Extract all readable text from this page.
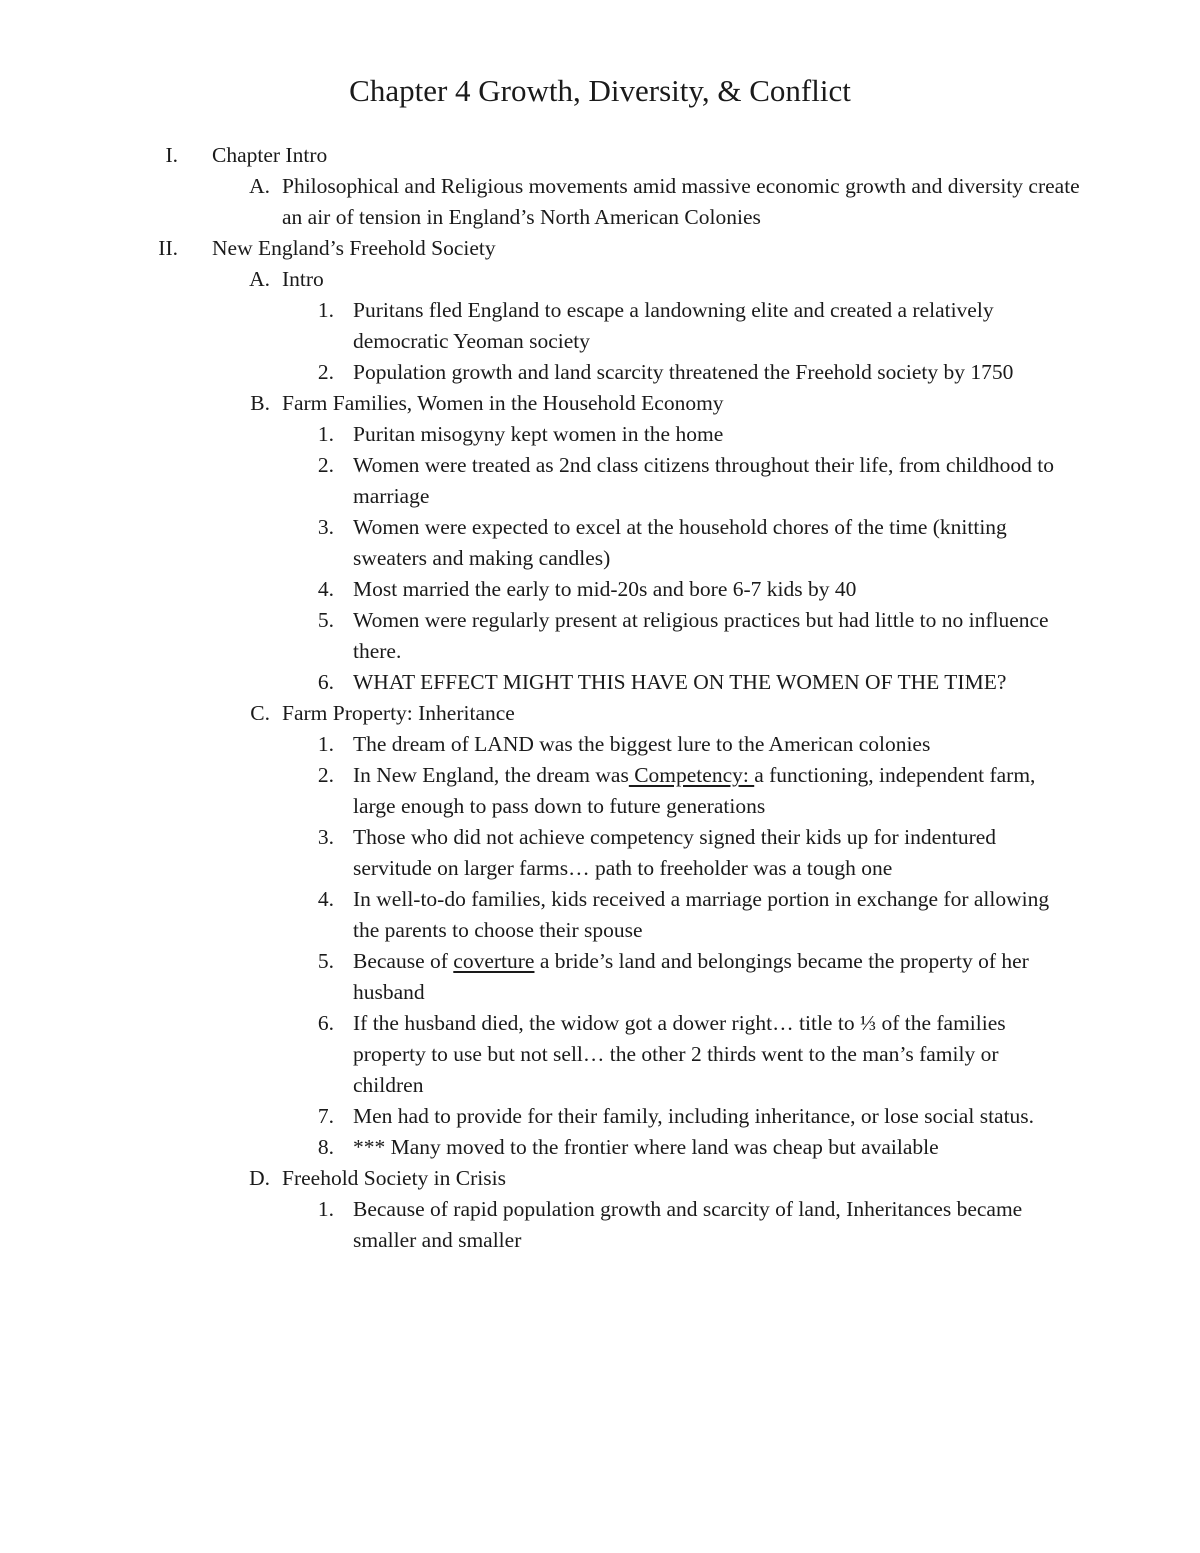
Chapter 4 Growth, Diversity, & Conflict
I. Chapter Intro
A. Philosophical and Religious movements amid massive economic growth and diversity create an air of tension in England’s North American Colonies
II. New England’s Freehold Society
A. Intro
1. Puritans fled England to escape a landowning elite and created a relatively democratic Yeoman society
2. Population growth and land scarcity threatened the Freehold society by 1750
B. Farm Families, Women in the Household Economy
1. Puritan misogyny kept women in the home
2. Women were treated as 2nd class citizens throughout their life, from childhood to marriage
3. Women were expected to excel at the household chores of the time (knitting sweaters and making candles)
4. Most married the early to mid-20s and bore 6-7 kids by 40
5. Women were regularly present at religious practices but had little to no influence there.
6. WHAT EFFECT MIGHT THIS HAVE ON THE WOMEN OF THE TIME?
C. Farm Property: Inheritance
1. The dream of LAND was the biggest lure to the American colonies
2. In New England, the dream was Competency: a functioning, independent farm, large enough to pass down to future generations
3. Those who did not achieve competency signed their kids up for indentured servitude on larger farms… path to freeholder was a tough one
4. In well-to-do families, kids received a marriage portion in exchange for allowing the parents to choose their spouse
5. Because of coverture a bride’s land and belongings became the property of her husband
6. If the husband died, the widow got a dower right… title to ⅓ of the families property to use but not sell… the other 2 thirds went to the man’s family or children
7. Men had to provide for their family, including inheritance, or lose social status.
8. *** Many moved to the frontier where land was cheap but available
D. Freehold Society in Crisis
1. Because of rapid population growth and scarcity of land, Inheritances became smaller and smaller
